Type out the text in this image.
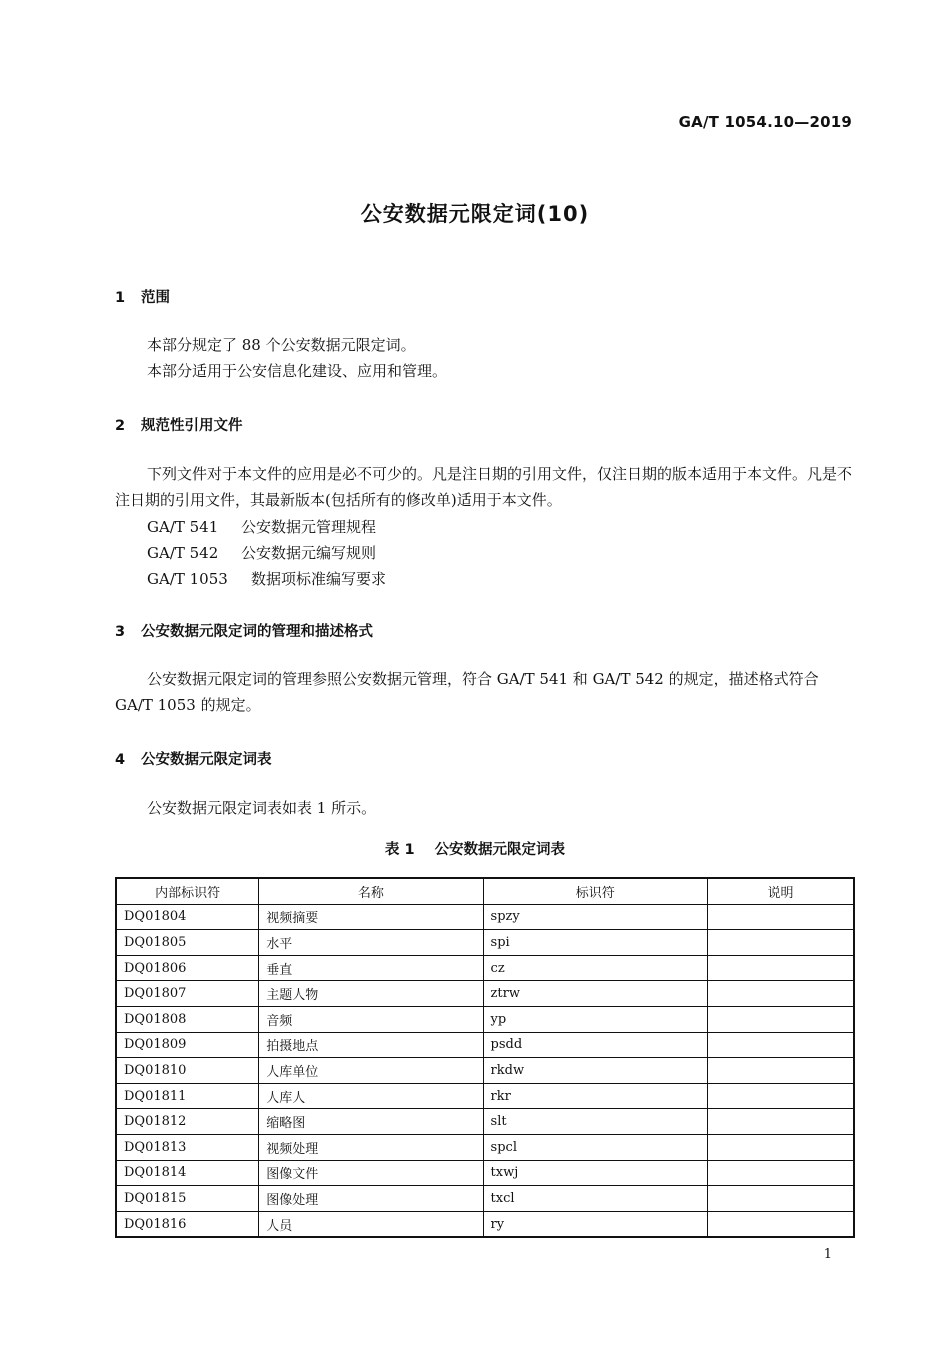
GA/T 1054.10—2019
公安数据元限定词(10)
1 范围
本部分规定了 88 个公安数据元限定词。
本部分适用于公安信息化建设、应用和管理。
2 规范性引用文件
下列文件对于本文件的应用是必不可少的。凡是注日期的引用文件，仅注日期的版本适用于本文件。凡是不注日期的引用文件，其最新版本(包括所有的修改单)适用于本文件。
GA/T 541 公安数据元管理规程
GA/T 542 公安数据元编写规则
GA/T 1053 数据项标准编写要求
3 公安数据元限定词的管理和描述格式
公安数据元限定词的管理参照公安数据元管理，符合 GA/T 541 和 GA/T 542 的规定，描述格式符合 GA/T 1053 的规定。
4 公安数据元限定词表
公安数据元限定词表如表 1 所示。
表 1 公安数据元限定词表
内部标识符	名称	标识符	说明
DQ01804	视频摘要	spzy	
DQ01805	水平	spi	
DQ01806	垂直	cz	
DQ01807	主题人物	ztrw	
DQ01808	音频	yp	
DQ01809	拍摄地点	psdd	
DQ01810	人库单位	rkdw	
DQ01811	人库人	rkr	
DQ01812	缩略图	slt	
DQ01813	视频处理	spcl	
DQ01814	图像文件	txwj	
DQ01815	图像处理	txcl	
DQ01816	人员	ry	
1
